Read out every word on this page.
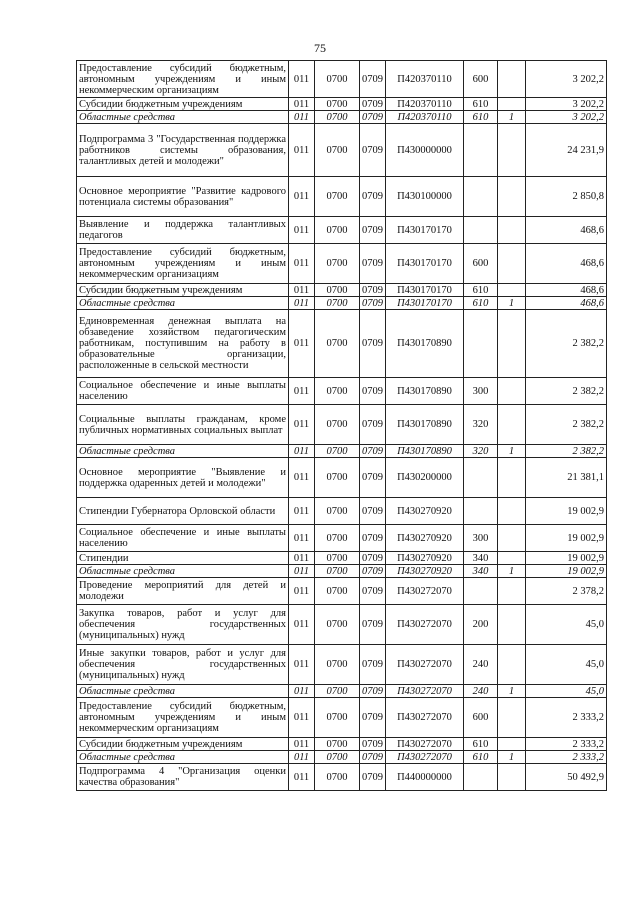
75
Предоставление субсидий бюджетным, автономным учреждениям и иным некоммерческим организациям	011	0700	0709	П420370110	600		3 202,2
Субсидии бюджетным учреждениям	011	0700	0709	П420370110	610		3 202,2
Областные средства	011	0700	0709	П420370110	610	1	3 202,2
Подпрограмма 3 "Государственная поддержка работников системы образования, талантливых детей и молодежи"	011	0700	0709	П430000000			24 231,9
Основное мероприятие "Развитие кадрового потенциала системы образования"	011	0700	0709	П430100000			2 850,8
Выявление и поддержка талантливых педагогов	011	0700	0709	П430170170			468,6
Предоставление субсидий бюджетным, автономным учреждениям и иным некоммерческим организациям	011	0700	0709	П430170170	600		468,6
Субсидии бюджетным учреждениям	011	0700	0709	П430170170	610		468,6
Областные средства	011	0700	0709	П430170170	610	1	468,6
Единовременная денежная выплата на обзаведение хозяйством педагогическим работникам, поступившим на работу в образовательные организации, расположенные в сельской местности	011	0700	0709	П430170890			2 382,2
Социальное обеспечение и иные выплаты населению	011	0700	0709	П430170890	300		2 382,2
Социальные выплаты гражданам, кроме публичных нормативных социальных выплат	011	0700	0709	П430170890	320		2 382,2
Областные средства	011	0700	0709	П430170890	320	1	2 382,2
Основное мероприятие "Выявление и поддержка одаренных детей и молодежи"	011	0700	0709	П430200000			21 381,1
Стипендии Губернатора Орловской области	011	0700	0709	П430270920			19 002,9
Социальное обеспечение и иные выплаты населению	011	0700	0709	П430270920	300		19 002,9
Стипендии	011	0700	0709	П430270920	340		19 002,9
Областные средства	011	0700	0709	П430270920	340	1	19 002,9
Проведение мероприятий для детей и молодежи	011	0700	0709	П430272070			2 378,2
Закупка товаров, работ и услуг для обеспечения государственных (муниципальных) нужд	011	0700	0709	П430272070	200		45,0
Иные закупки товаров, работ и услуг для обеспечения государственных (муниципальных) нужд	011	0700	0709	П430272070	240		45,0
Областные средства	011	0700	0709	П430272070	240	1	45,0
Предоставление субсидий бюджетным, автономным учреждениям и иным некоммерческим организациям	011	0700	0709	П430272070	600		2 333,2
Субсидии бюджетным учреждениям	011	0700	0709	П430272070	610		2 333,2
Областные средства	011	0700	0709	П430272070	610	1	2 333,2
Подпрограмма 4 "Организация оценки качества образования"	011	0700	0709	П440000000			50 492,9
